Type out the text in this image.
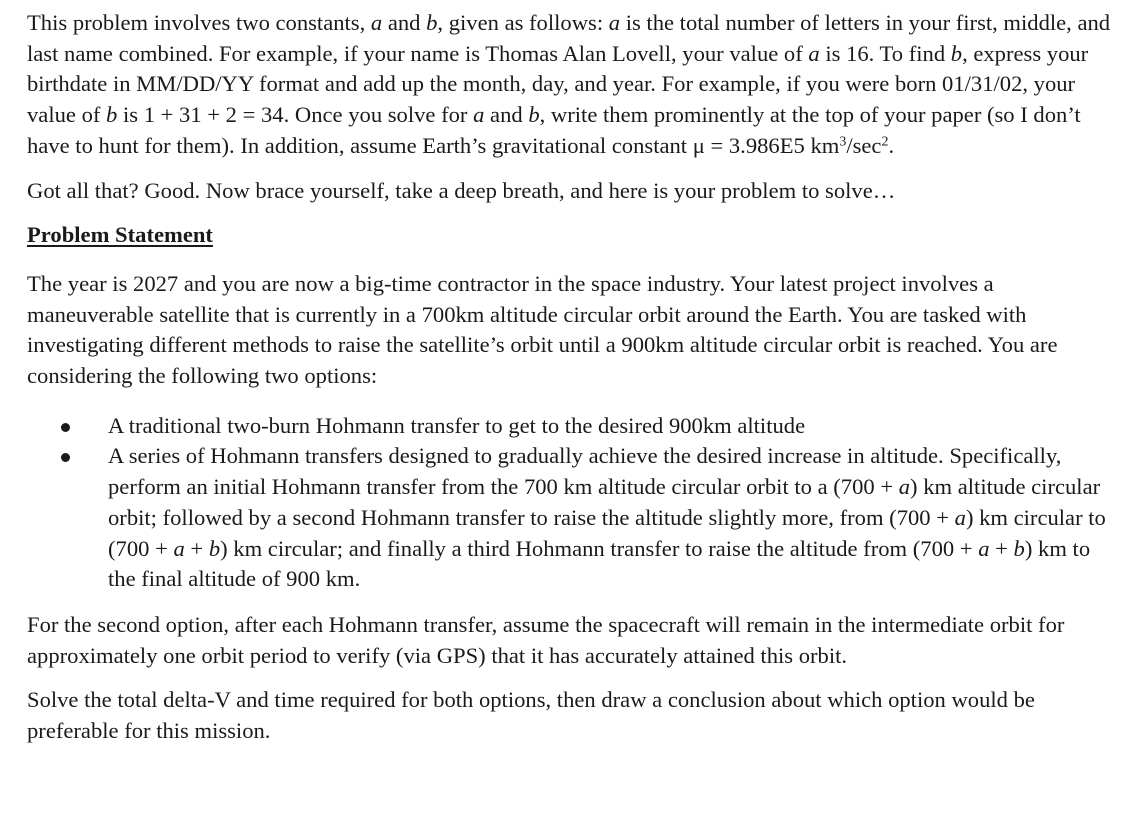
This problem involves two constants, a and b, given as follows: a is the total number of letters in your first, middle, and last name combined. For example, if your name is Thomas Alan Lovell, your value of a is 16. To find b, express your birthdate in MM/DD/YY format and add up the month, day, and year. For example, if you were born 01/31/02, your value of b is 1 + 31 + 2 = 34. Once you solve for a and b, write them prominently at the top of your paper (so I don’t have to hunt for them). In addition, assume Earth’s gravitational constant μ = 3.986E5 $km^3/\sec^2$.

Got all that? Good. Now brace yourself, take a deep breath, and here is your problem to solve…

Problem Statement

The year is 2027 and you are now a big-time contractor in the space industry. Your latest project involves a maneuverable satellite that is currently in a 700km altitude circular orbit around the Earth. You are tasked with investigating different methods to raise the satellite’s orbit until a 900km altitude circular orbit is reached. You are considering the following two options:

A traditional two-burn Hohmann transfer to get to the desired 900km altitude
A series of Hohmann transfers designed to gradually achieve the desired increase in altitude. Specifically, perform an initial Hohmann transfer from the 700 km altitude circular orbit to a (700 + a) km altitude circular orbit; followed by a second Hohmann transfer to raise the altitude slightly more, from (700 + a) km circular to (700 + a + b) km circular; and finally a third Hohmann transfer to raise the altitude from (700 + a + b) km to the final altitude of 900 km.

For the second option, after each Hohmann transfer, assume the spacecraft will remain in the intermediate orbit for approximately one orbit period to verify (via GPS) that it has accurately attained this orbit.

Solve the total delta-V and time required for both options, then draw a conclusion about which option would be preferable for this mission.
